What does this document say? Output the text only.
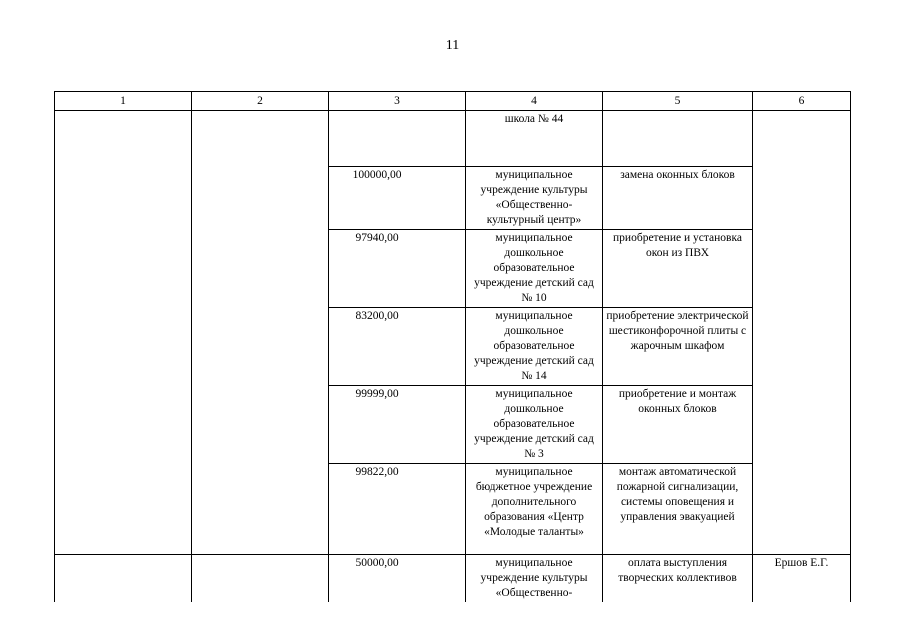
11
1	2	3	4	5	6
			школа № 44		
		100000,00	муниципальное учреждение культуры «Общественно-культурный центр»	замена оконных блоков	
		97940,00	муниципальное дошкольное образовательное учреждение детский сад № 10	приобретение и установка окон из ПВХ	
		83200,00	муниципальное дошкольное образовательное учреждение детский сад № 14	приобретение электрической шестиконфорочной плиты с жарочным шкафом	
		99999,00	муниципальное дошкольное образовательное учреждение детский сад № 3	приобретение и монтаж оконных блоков	
		99822,00	муниципальное бюджетное учреждение дополнительного образования «Центр «Молодые таланты»	монтаж автоматической пожарной сигнализации, системы оповещения и управления эвакуацией	
		50000,00	муниципальное учреждение культуры «Общественно-	оплата выступления творческих коллективов	Ершов Е.Г.
